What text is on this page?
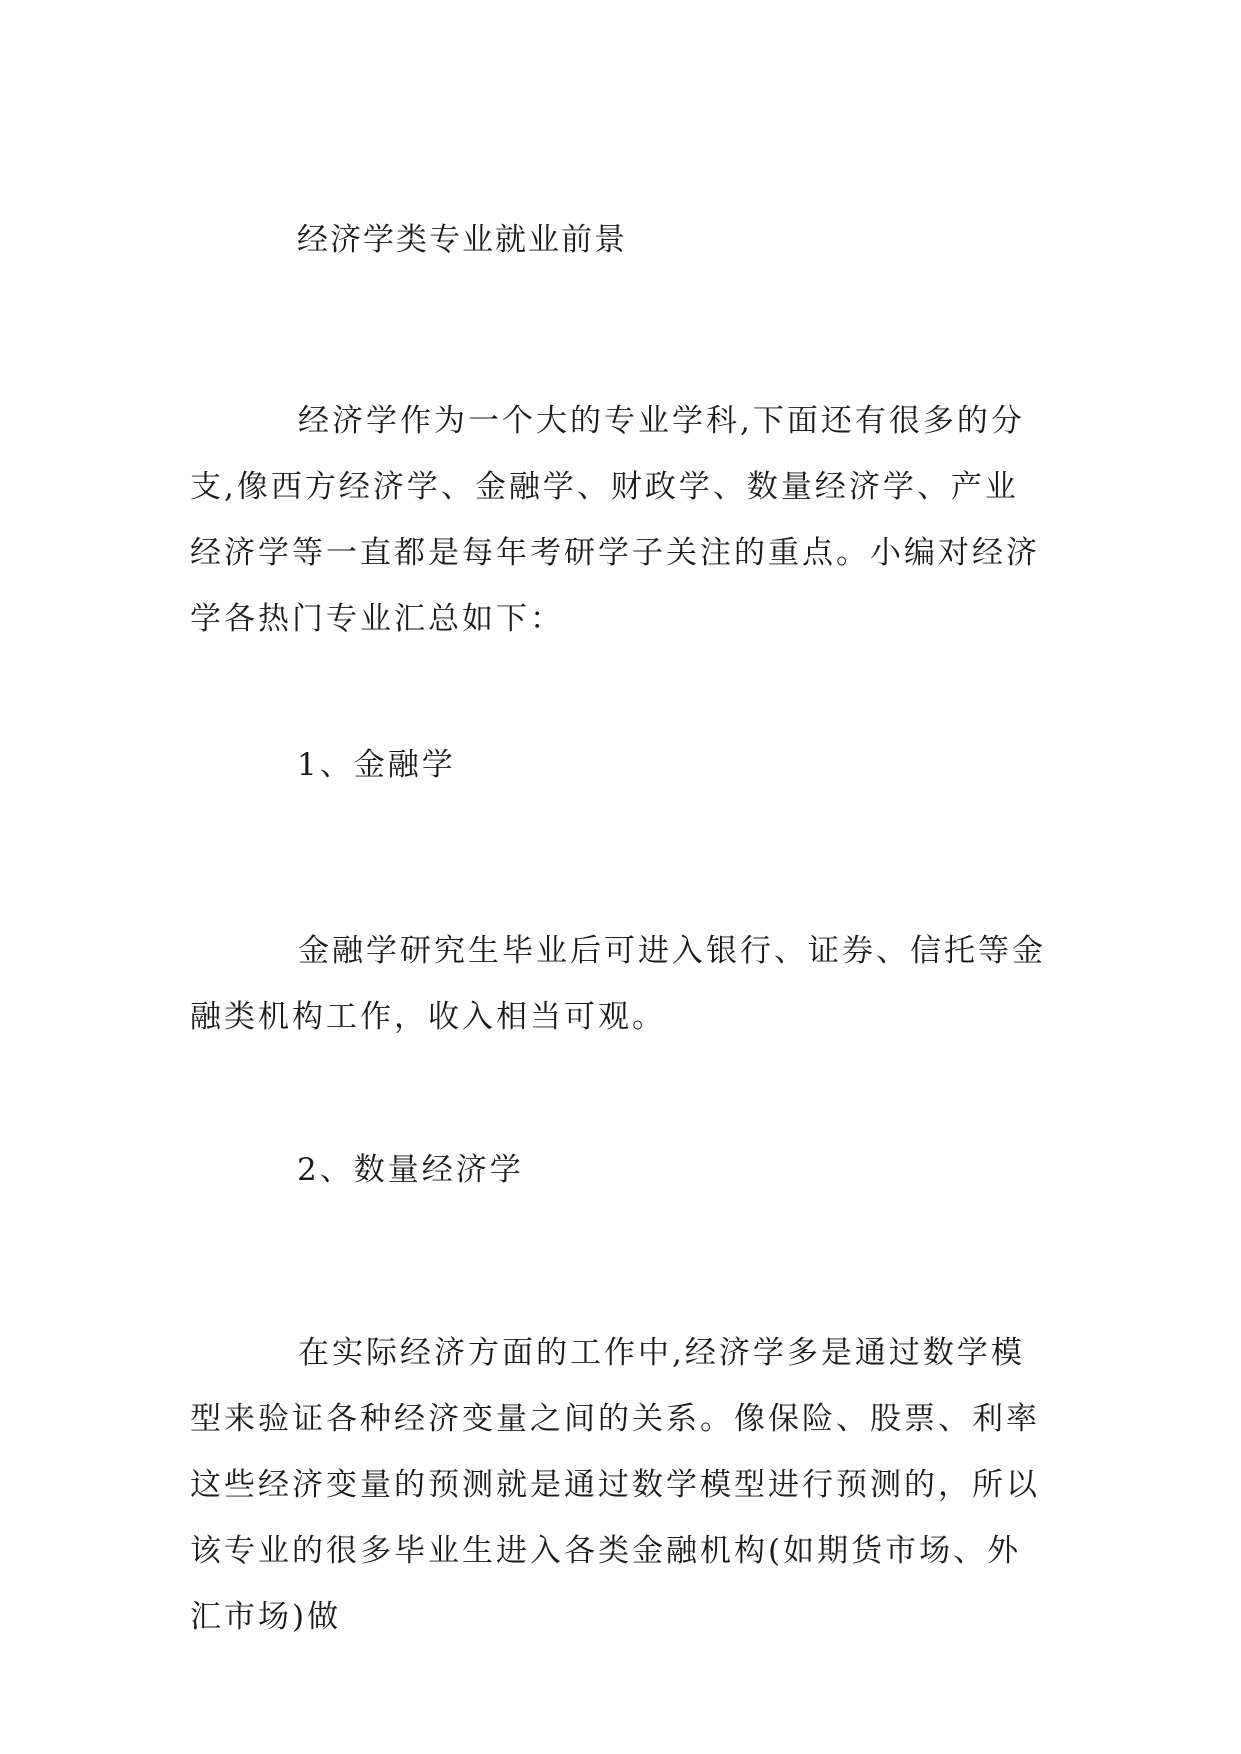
经济学类专业就业前景

经济学作为一个大的专业学科,下面还有很多的分支,像西方经济学、金融学、财政学、数量经济学、产业经济学等一直都是每年考研学子关注的重点。小编对经济学各热门专业汇总如下：

1、金融学

金融学研究生毕业后可进入银行、证券、信托等金融类机构工作，收入相当可观。

2、数量经济学

在实际经济方面的工作中,经济学多是通过数学模型来验证各种经济变量之间的关系。像保险、股票、利率这些经济变量的预测就是通过数学模型进行预测的，所以该专业的很多毕业生进入各类金融机构(如期货市场、外汇市场)做
